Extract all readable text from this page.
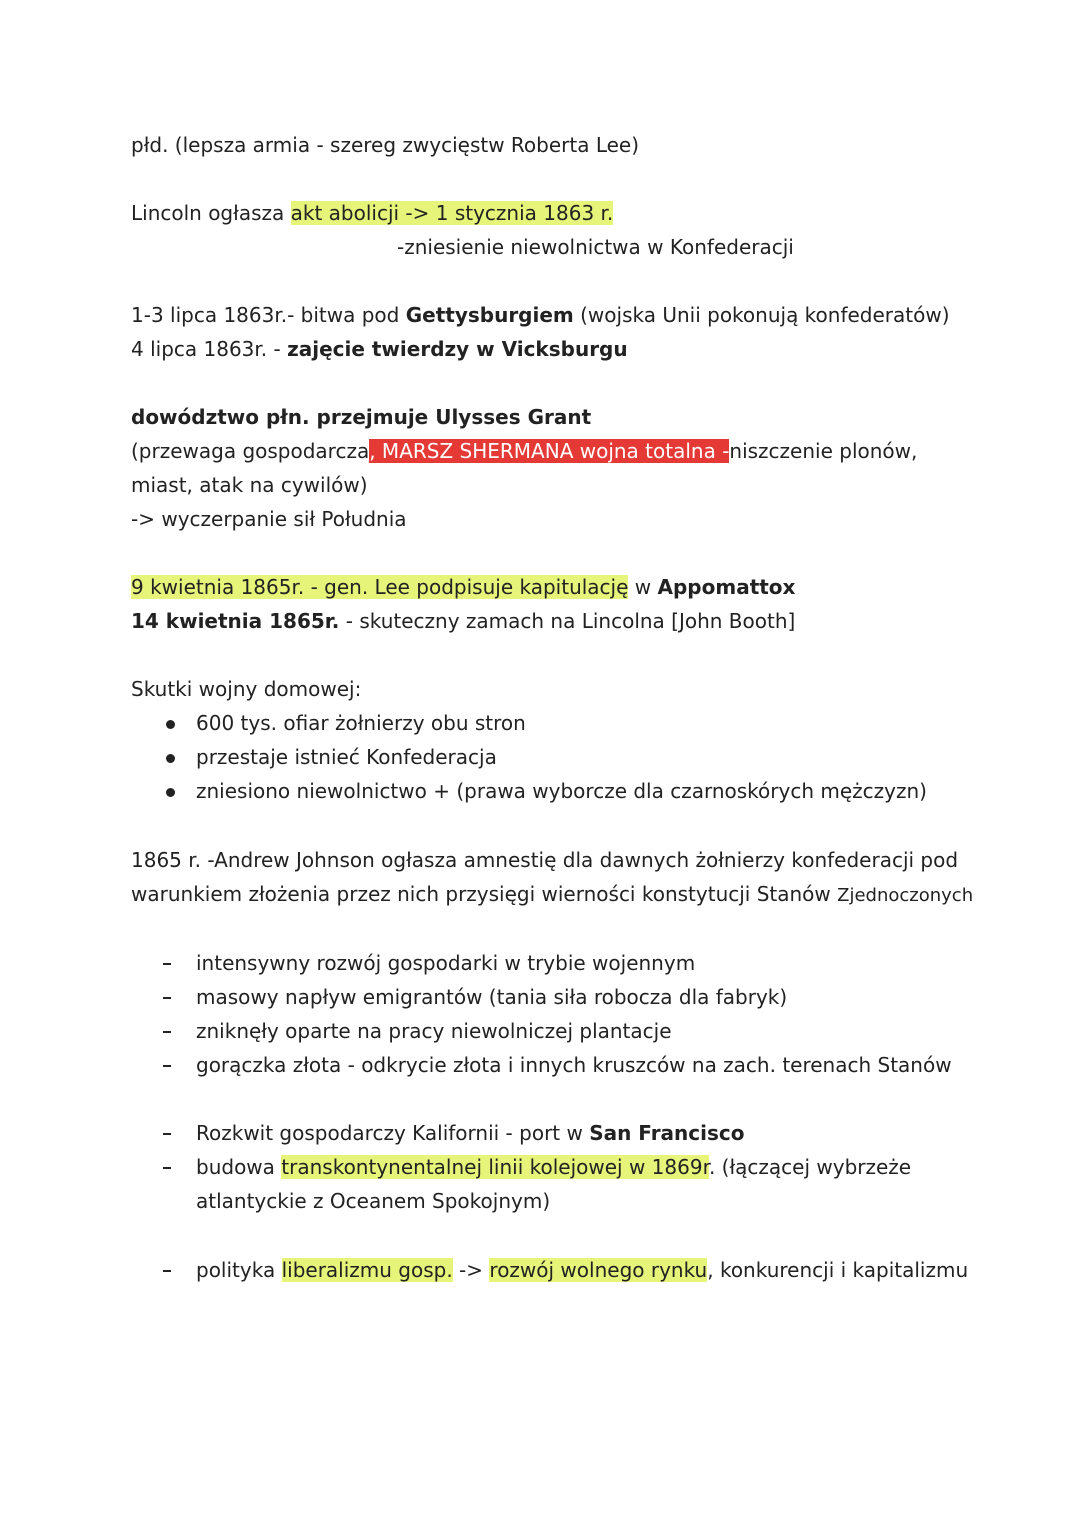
płd. (lepsza armia - szereg zwycięstw Roberta Lee)
Lincoln ogłasza akt abolicji -> 1 stycznia 1863 r.
-zniesienie niewolnictwa w Konfederacji
1-3 lipca 1863r.- bitwa pod Gettysburgiem (wojska Unii pokonują konfederatów)
4 lipca 1863r. - zajęcie twierdzy w Vicksburgu
dowództwo płn. przejmuje Ulysses Grant
(przewaga gospodarcza, MARSZ SHERMANA wojna totalna -niszczenie plonów,
miast, atak na cywilów)
-> wyczerpanie sił Południa
9 kwietnia 1865r. - gen. Lee podpisuje kapitulację w Appomattox
14 kwietnia 1865r. - skuteczny zamach na Lincolna [John Booth]
Skutki wojny domowej:
600 tys. ofiar żołnierzy obu stron
przestaje istnieć Konfederacja
zniesiono niewolnictwo + (prawa wyborcze dla czarnoskórych mężczyzn)
1865 r. -Andrew Johnson ogłasza amnestię dla dawnych żołnierzy konfederacji pod
warunkiem złożenia przez nich przysięgi wierności konstytucji Stanów Zjednoczonych
intensywny rozwój gospodarki w trybie wojennym
masowy napływ emigrantów (tania siła robocza dla fabryk)
zniknęły oparte na pracy niewolniczej plantacje
gorączka złota - odkrycie złota i innych kruszców na zach. terenach Stanów
Rozkwit gospodarczy Kalifornii - port w San Francisco
budowa transkontynentalnej linii kolejowej w 1869r. (łączącej wybrzeże
atlantyckie z Oceanem Spokojnym)
polityka liberalizmu gosp. -> rozwój wolnego rynku, konkurencji i kapitalizmu
